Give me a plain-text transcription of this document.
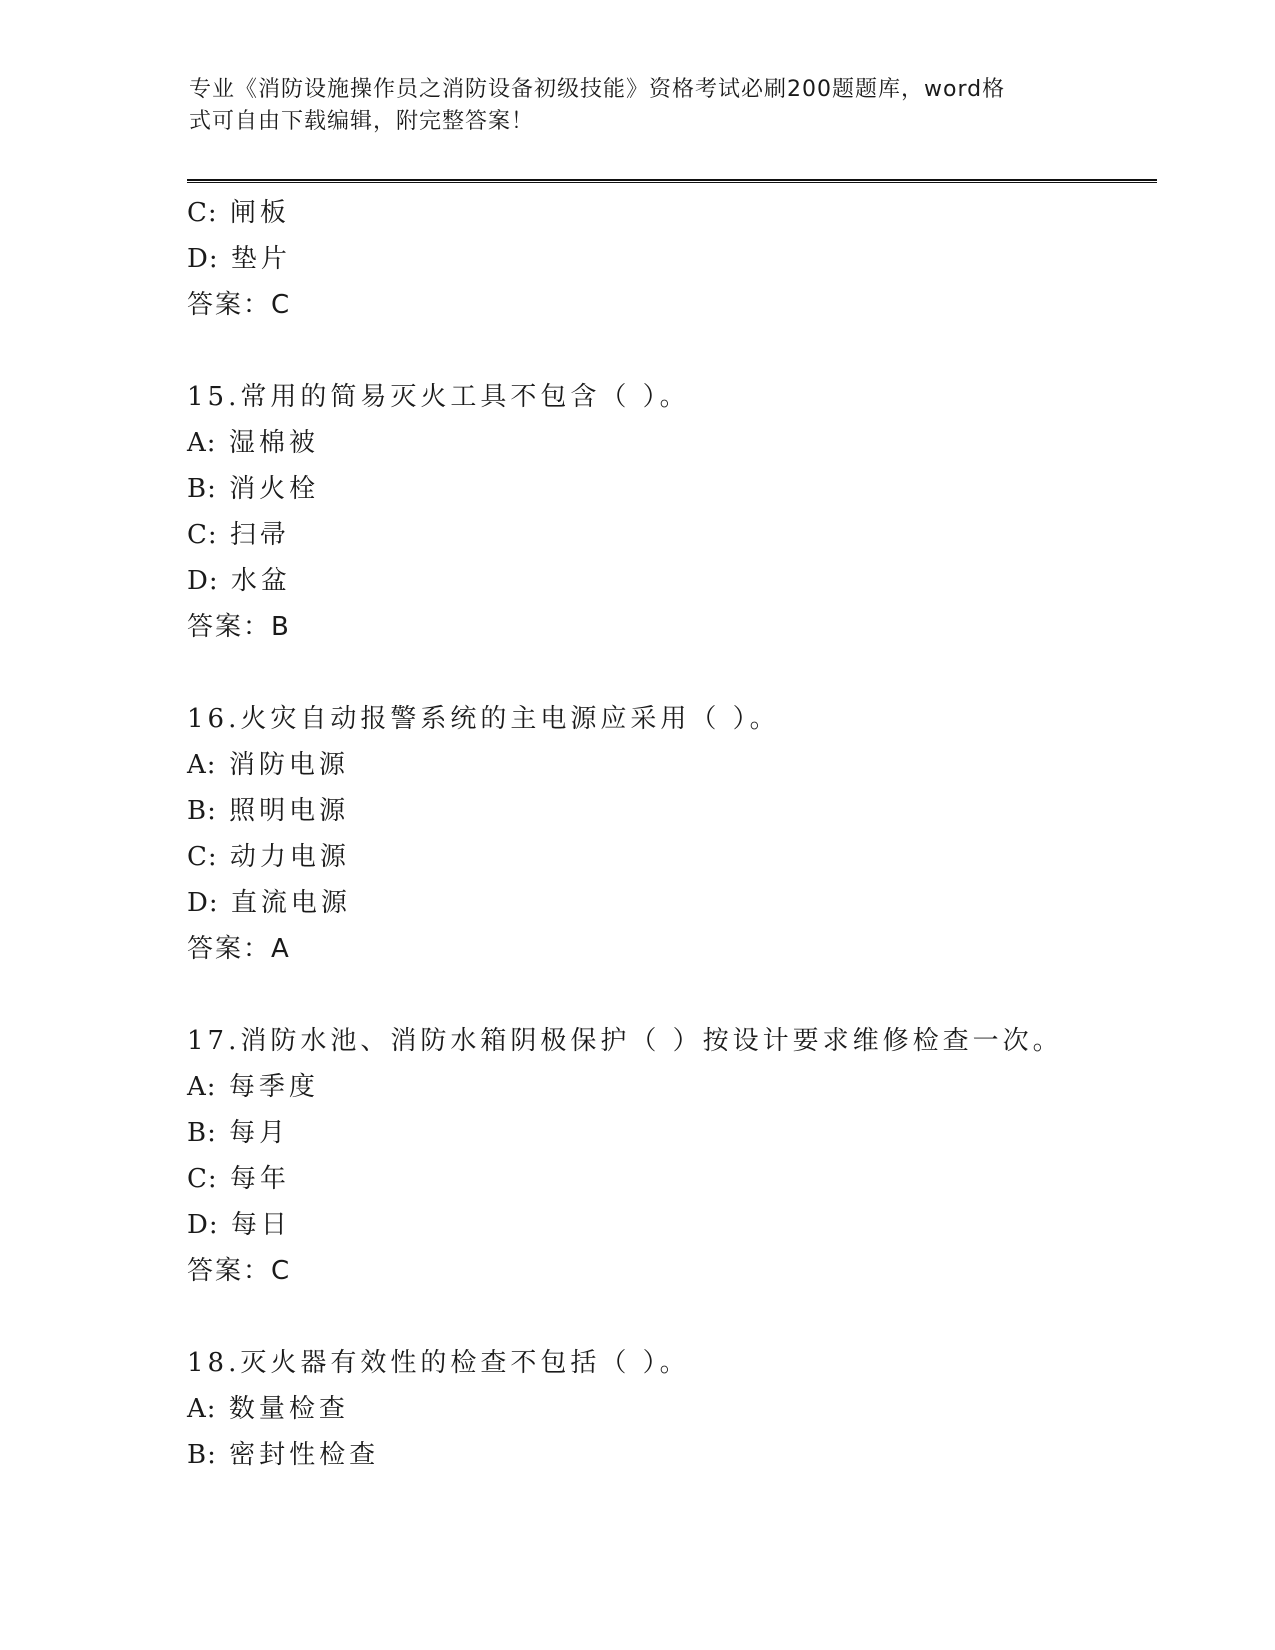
专业《消防设施操作员之消防设备初级技能》资格考试必刷200题题库，word格
式可自由下载编辑，附完整答案！
C: 闸板
D: 垫片
答案：C
15.常用的简易灭火工具不包含（ ）。
A: 湿棉被
B: 消火栓
C: 扫帚
D: 水盆
答案：B
16.火灾自动报警系统的主电源应采用（ ）。
A: 消防电源
B: 照明电源
C: 动力电源
D: 直流电源
答案：A
17.消防水池、消防水箱阴极保护（ ）按设计要求维修检查一次。
A: 每季度
B: 每月
C: 每年
D: 每日
答案：C
18.灭火器有效性的检查不包括（ ）。
A: 数量检查
B: 密封性检查
